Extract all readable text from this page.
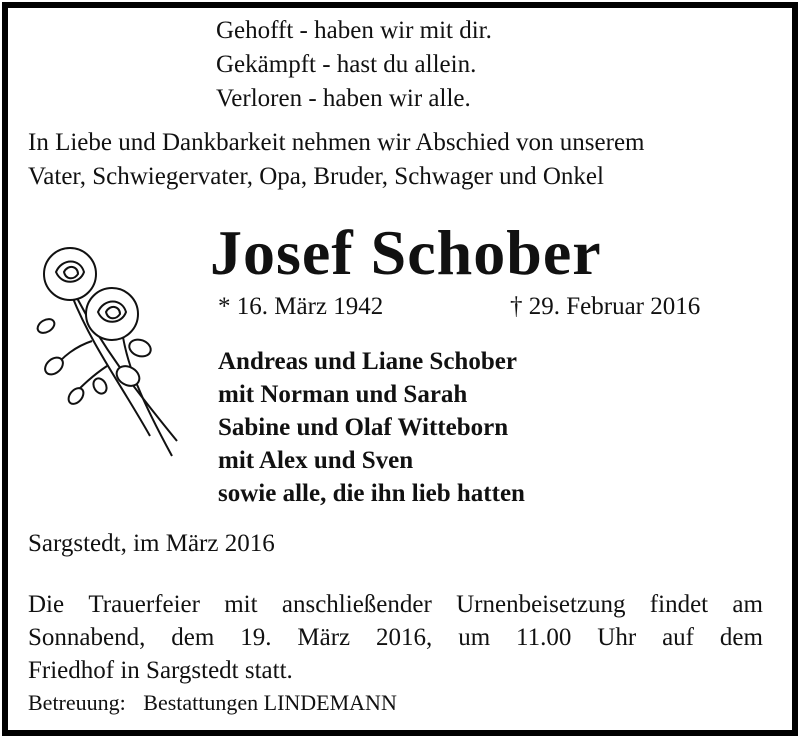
Gehofft - haben wir mit dir.
Gekämpft - hast du allein.
Verloren - haben wir alle.
In Liebe und Dankbarkeit nehmen wir Abschied von unserem
Vater, Schwiegervater, Opa, Bruder, Schwager und Onkel
Josef Schober
* 16. März 1942	† 29. Februar 2016
Andreas und Liane Schober
mit Norman und Sarah
Sabine und Olaf Witteborn
mit Alex und Sven
sowie alle, die ihn lieb hatten
Sargstedt, im März 2016
Die Trauerfeier mit anschließender Urnenbeisetzung findet am
Sonnabend, dem 19. März 2016, um 11.00 Uhr auf dem
Friedhof in Sargstedt statt.
Betreuung: Bestattungen LINDEMANN
